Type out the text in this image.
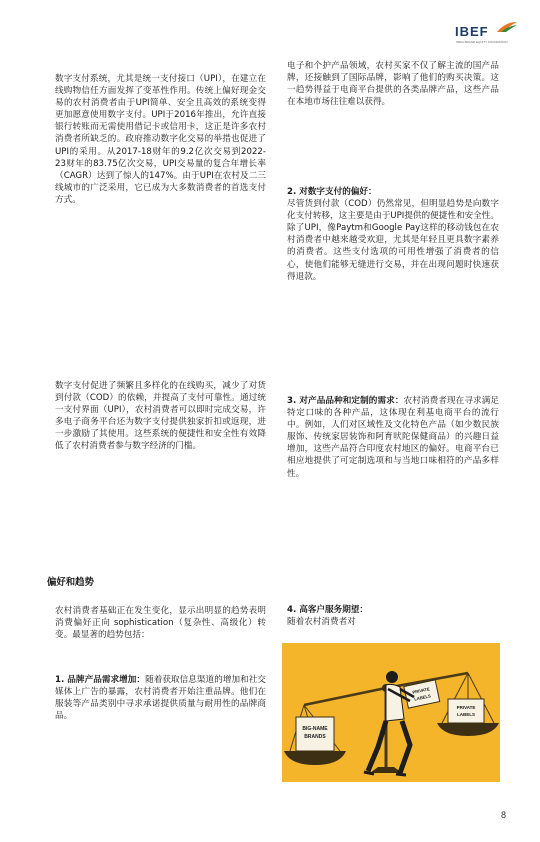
IBEF
INDIA BRAND EQUITY FOUNDATION

数字支付系统，尤其是统一支付接口（UPI），在建立在线购物信任方面发挥了变革性作用。传统上偏好现金交易的农村消费者由于UPI简单、安全且高效的系统变得更加愿意使用数字支付。UPI于2016年推出，允许直接银行转账而无需使用借记卡或信用卡，这正是许多农村消费者所缺乏的。政府推动数字化交易的举措也促进了UPI的采用。从2017-18财年的9.2亿次交易到2022-23财年的83.75亿次交易，UPI交易量的复合年增长率（CAGR）达到了惊人的147%。由于UPI在农村及二三线城市的广泛采用，它已成为大多数消费者的首选支付方式。

数字支付促进了频繁且多样化的在线购买，减少了对货到付款（COD）的依赖，并提高了支付可靠性。通过统一支付界面（UPI），农村消费者可以即时完成交易，许多电子商务平台还为数字支付提供独家折扣或返现，进一步激励了其使用。这些系统的便捷性和安全性有效降低了农村消费者参与数字经济的门槛。

偏好和趋势

农村消费者基础正在发生变化，显示出明显的趋势表明消费偏好正向 sophistication（复杂性、高级化）转变。最显著的趋势包括：

1. 品牌产品需求增加：随着获取信息渠道的增加和社交媒体上广告的暴露，农村消费者开始注重品牌。他们在服装等产品类别中寻求承诺提供质量与耐用性的品牌商品。

电子和个护产品领域，农村买家不仅了解主流的国产品牌，还接触到了国际品牌，影响了他们的购买决策。这一趋势得益于电商平台提供的各类品牌产品，这些产品在本地市场往往难以获得。

2. 对数字支付的偏好：
尽管货到付款（COD）仍然常见，但明显趋势是向数字化支付转移，这主要是由于UPI提供的便捷性和安全性。除了UPI，像Paytm和Google Pay这样的移动钱包在农村消费者中越来越受欢迎，尤其是年轻且更具数字素养的消费者。这些支付选项的可用性增强了消费者的信心，使他们能够无缝进行交易，并在出现问题时快速获得退款。

3. 对产品品种和定制的需求：农村消费者现在寻求满足特定口味的各种产品，这体现在利基电商平台的流行中。例如，人们对区域性及文化特色产品（如少数民族服饰、传统家居装饰和阿育吠陀保健商品）的兴趣日益增加，这些产品符合印度农村地区的偏好。电商平台已相应地提供了可定制选项和与当地口味相符的产品多样性。

4. 高客户服务期望：
随着农村消费者对

BIG-NAME
BRANDS
PRIVATE
LABELS
PRIVATE
LABELS
8
